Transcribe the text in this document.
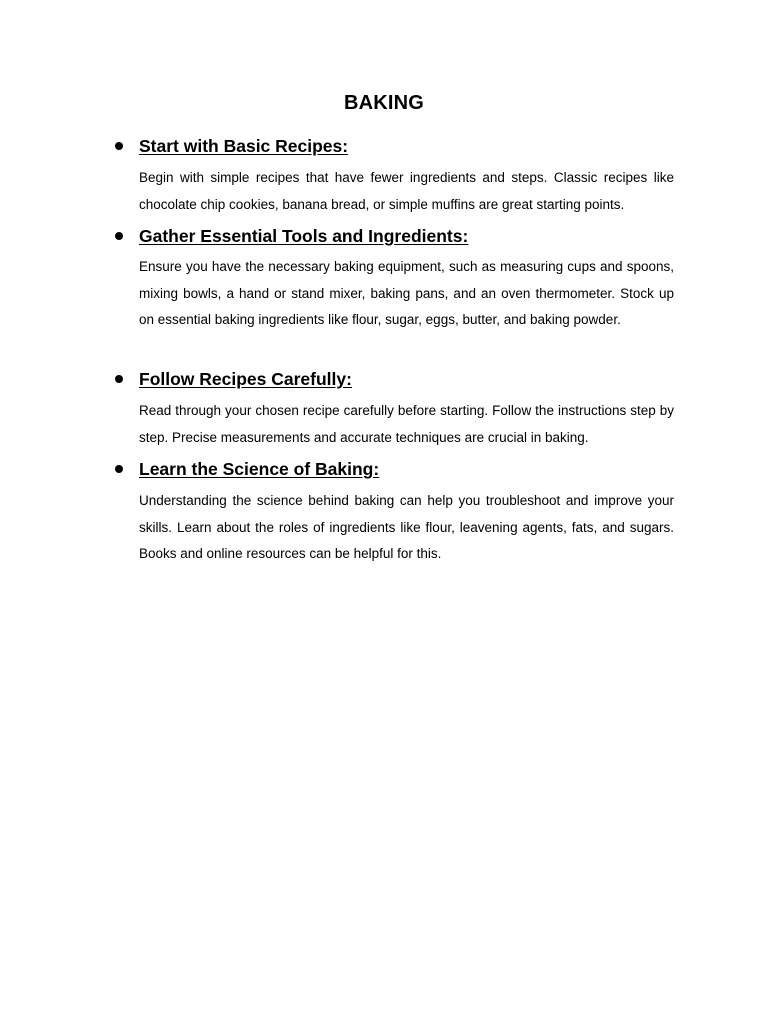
BAKING
Start with Basic Recipes:

Begin with simple recipes that have fewer ingredients and steps. Classic recipes like chocolate chip cookies, banana bread, or simple muffins are great starting points.

Gather Essential Tools and Ingredients:

Ensure you have the necessary baking equipment, such as measuring cups and spoons, mixing bowls, a hand or stand mixer, baking pans, and an oven thermometer. Stock up on essential baking ingredients like flour, sugar, eggs, butter, and baking powder.

Follow Recipes Carefully:

Read through your chosen recipe carefully before starting. Follow the instructions step by step. Precise measurements and accurate techniques are crucial in baking.

Learn the Science of Baking:

Understanding the science behind baking can help you troubleshoot and improve your skills. Learn about the roles of ingredients like flour, leavening agents, fats, and sugars. Books and online resources can be helpful for this.
